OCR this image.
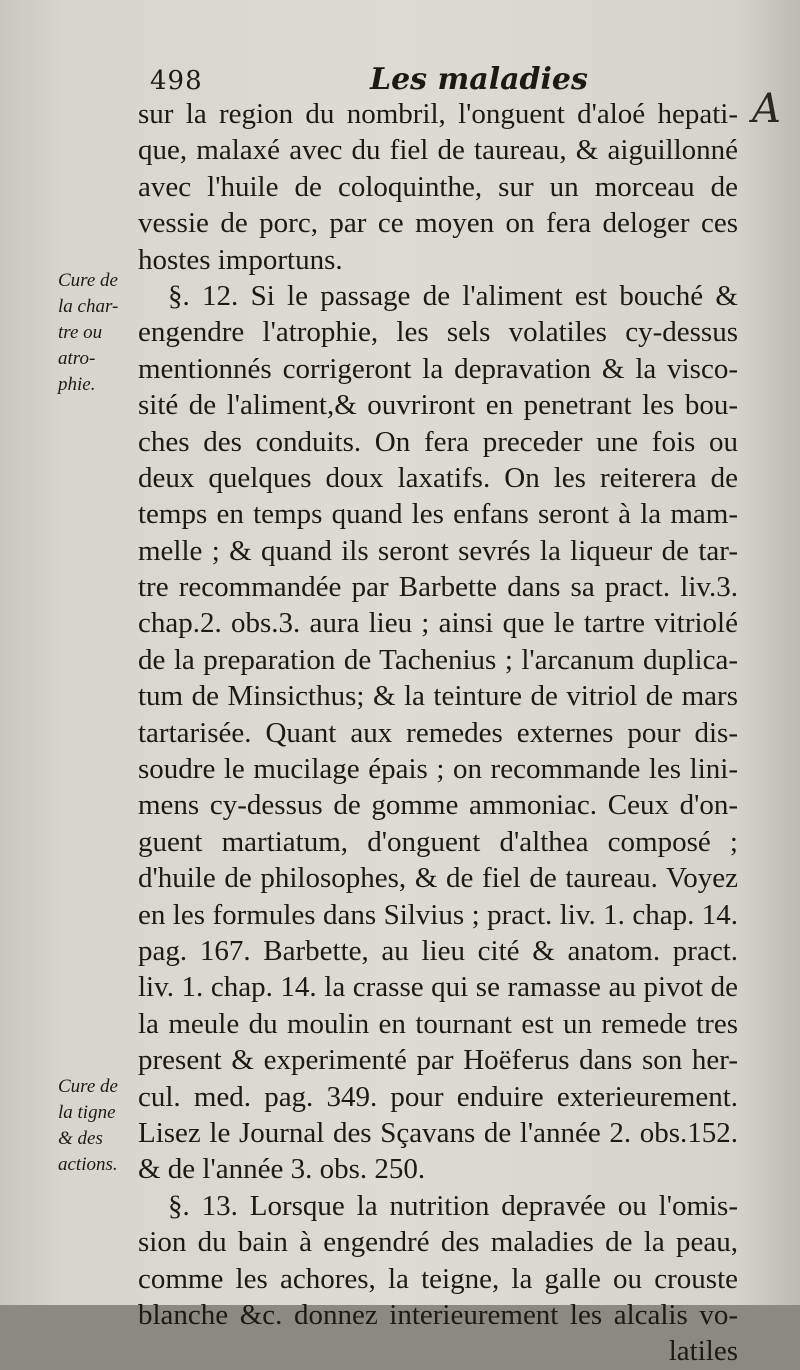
498	Les maladies
A
Cure de
la char-
tre ou
atro-
phie.
Cure de
la tigne
& des
actions.
sur la region du nombril, l'onguent d'aloé hepati-
que, malaxé avec du fiel de taureau, & aiguillonné
avec l'huile de coloquinthe, sur un morceau de
vessie de porc, par ce moyen on fera deloger ces
hostes importuns.
§. 12. Si le passage de l'aliment est bouché &
engendre l'atrophie, les sels volatiles cy-dessus
mentionnés corrigeront la depravation & la visco-
sité de l'aliment,& ouvriront en penetrant les bou-
ches des conduits. On fera preceder une fois ou
deux quelques doux laxatifs. On les reiterera de
temps en temps quand les enfans seront à la mam-
melle ; & quand ils seront sevrés la liqueur de tar-
tre recommandée par Barbette dans sa pract. liv.3.
chap.2. obs.3. aura lieu ; ainsi que le tartre vitriolé
de la preparation de Tachenius ; l'arcanum duplica-
tum de Minsicthus; & la teinture de vitriol de mars
tartarisée. Quant aux remedes externes pour dis-
soudre le mucilage épais ; on recommande les lini-
mens cy-dessus de gomme ammoniac. Ceux d'on-
guent martiatum, d'onguent d'althea composé ;
d'huile de philosophes, & de fiel de taureau. Voyez
en les formules dans Silvius ; pract. liv. 1. chap. 14.
pag. 167. Barbette, au lieu cité & anatom. pract.
liv. 1. chap. 14. la crasse qui se ramasse au pivot de
la meule du moulin en tournant est un remede tres
present & experimenté par Hoëferus dans son her-
cul. med. pag. 349. pour enduire exterieurement.
Lisez le Journal des Sçavans de l'année 2. obs.152.
& de l'année 3. obs. 250.
§. 13. Lorsque la nutrition depravée ou l'omis-
sion du bain à engendré des maladies de la peau,
comme les achores, la teigne, la galle ou crouste
blanche &c. donnez interieurement les alcalis vo-
latiles
